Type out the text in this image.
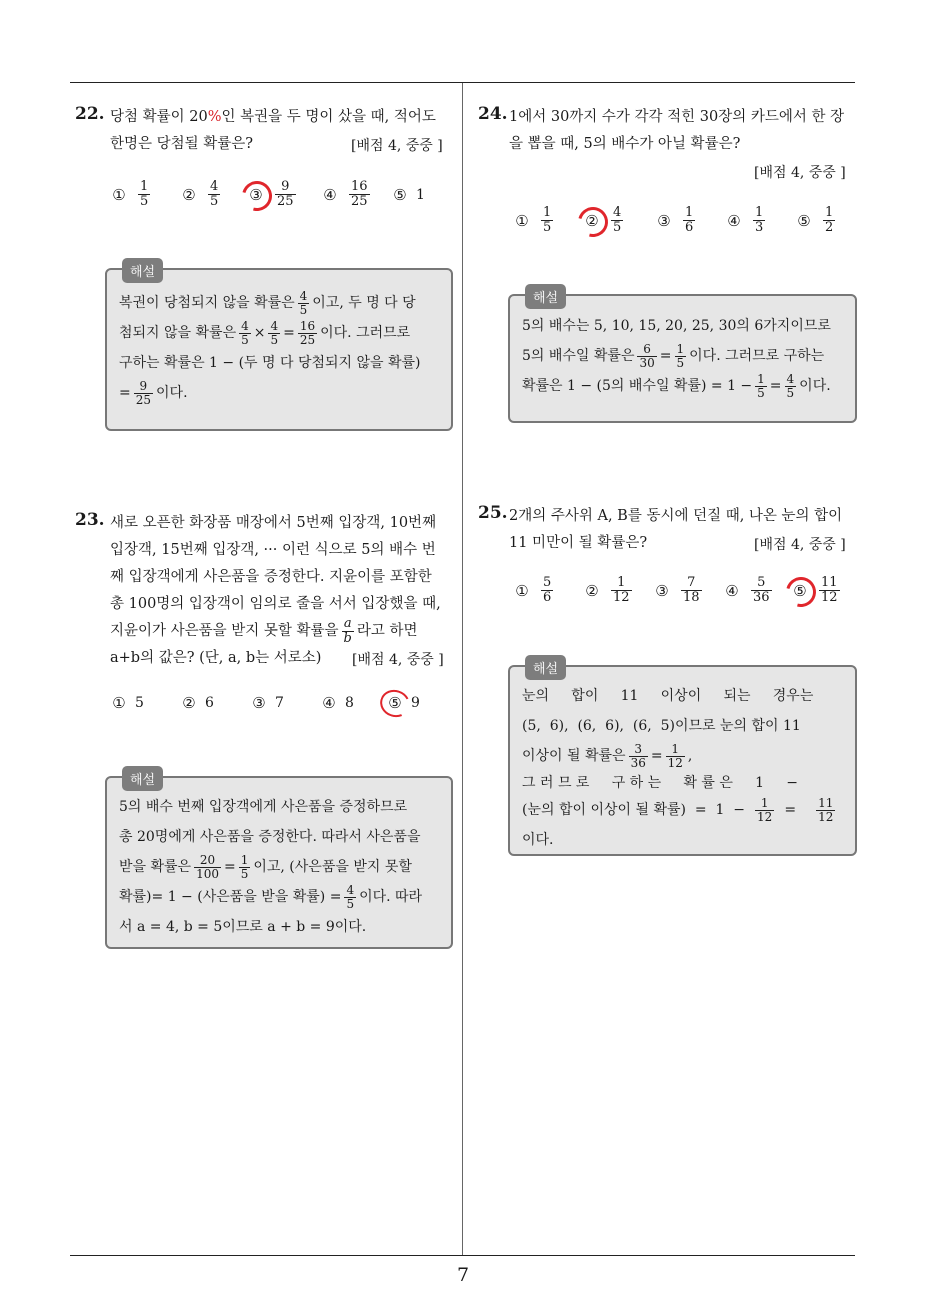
7
22. 당첨 확률이 20 % 인 복권을 두 명이 샀을 때, 적어도
한명은 당첨될 확률은?	[배점 4, 중중 ]
① $\frac{1}{5}$ ② $\frac{4}{5}$ ③ $\frac{9}{25}$ ④ $\frac{16}{25}$ ⑤ 1
해설
복권이 당첨되지 않을 확률은 $\frac{4}{5}$ 이고, 두 명 다 당
첨되지 않을 확률은 $\frac{4}{5} \times \frac{4}{5} = \frac{16}{25}$ 이다. 그러므로
구하는 확률은 1 − (두 명 다 당첨되지 않을 확률)
= $\frac{9}{25}$ 이다.
23. 새로 오픈한 화장품 매장에서 5번째 입장객, 10번째
입장객, 15번째 입장객, ··· 이런 식으로 5의 배수 번
째 입장객에게 사은품을 증정한다. 지윤이를 포함한
총 100명의 입장객이 임의로 줄을 서서 입장했을 때,
지윤이가 사은품을 받지 못할 확률을 $\frac{a}{b}$ 라고 하면
a+b의 값은? (단, a, b는 서로소) [배점 4, 중중 ]
① 5	② 6	③ 7	④ 8 ⑤ 9
해설
5의 배수 번째 입장객에게 사은품을 증정하므로
총 20명에게 사은품을 증정한다. 따라서 사은품을
받을 확률은 $\frac{20}{100} = \frac{1}{5}$ 이고, (사은품을 받지 못할
확률)= 1 − (사은품을 받을 확률) = $\frac{4}{5}$ 이다. 따라
서 a = 4, b = 5이므로 a + b = 9이다.
24. 1에서 30까지 수가 각각 적힌 30장의 카드에서 한 장
을 뽑을 때, 5의 배수가 아닐 확률은?
[배점 4, 중중 ]
① $\frac{1}{5}$ ② $\frac{4}{5}$ ③ $\frac{1}{6}$ ④ $\frac{1}{3}$ ⑤ $\frac{1}{2}$
해설
5의 배수는 5, 10, 15, 20, 25, 30의 6가지이므로
5의 배수일 확률은 $\frac{6}{30} = \frac{1}{5}$ 이다. 그러므로 구하는
확률은 1 − (5의 배수일 확률) = $1 - \frac{1}{5} = \frac{4}{5}$ 이다.
25. 2개의 주사위 A, B를 동시에 던질 때, 나온 눈의 합이
11 미만이 될 확률은?	[배점 4, 중중 ]
① $\frac{5}{6}$ ② $\frac{1}{12}$ ③ $\frac{7}{18}$ ④ $\frac{5}{36}$ ⑤ $\frac{11}{12}$
해설
눈의     합이     11     이상이     되는     경우는
(5,  6),  (6,  6),  (6,  5)이므로 눈의 합이 11
이상이 될 확률은 $\frac{3}{36} = \frac{1}{12}$ ,
그 러 므 로     구 하 는     확 률 은     1     −
(눈의 합이 이상이 될 확률)  =  $1 - \frac{1}{12} = \frac{11}{12}$
이다.
